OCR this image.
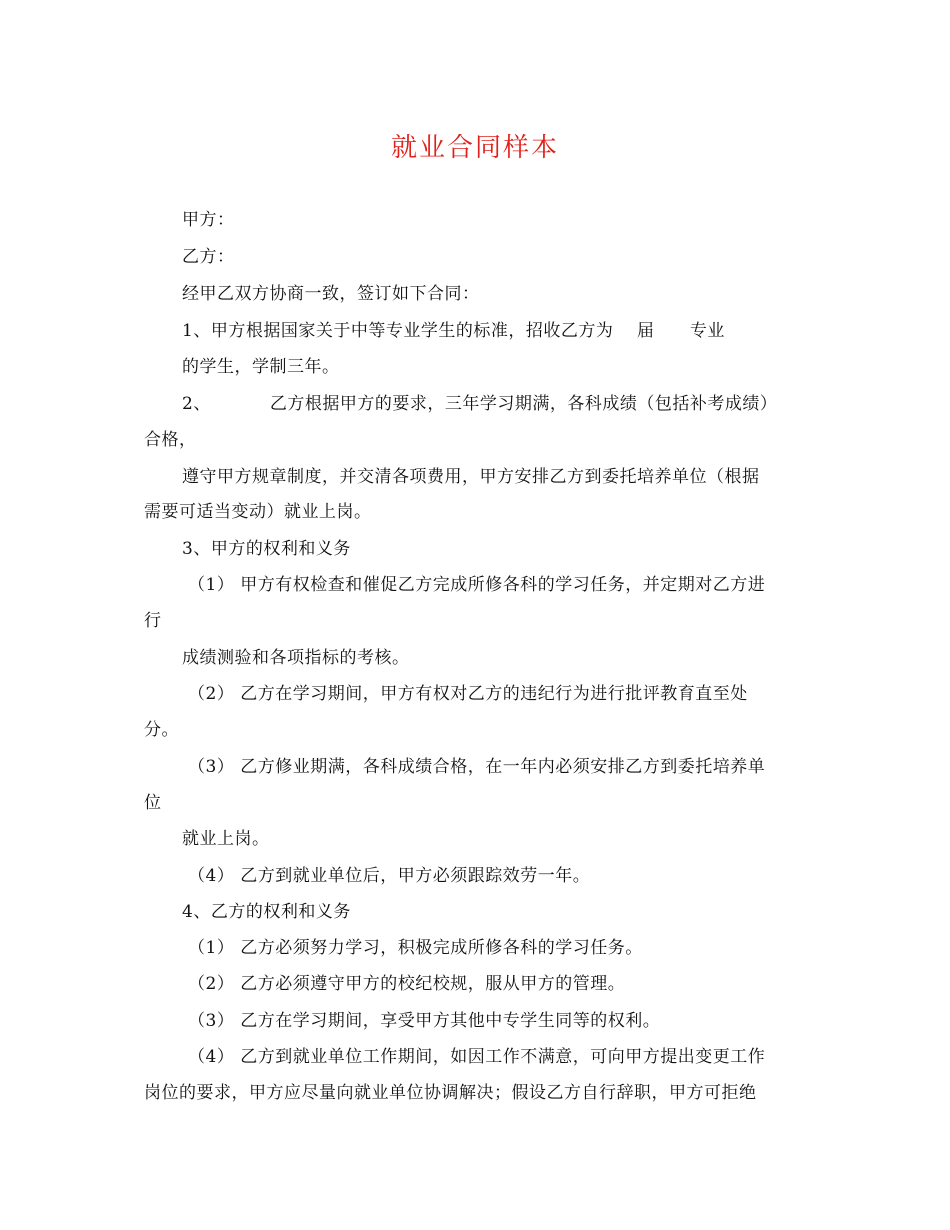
就业合同样本
甲方：
乙方：
经甲乙双方协商一致，签订如下合同：
1、甲方根据国家关于中等专业学生的标准，招收乙方为    届      专业
的学生，学制三年。
2、          乙方根据甲方的要求，三年学习期满，各科成绩（包括补考成绩）
合格，
遵守甲方规章制度，并交清各项费用，甲方安排乙方到委托培养单位（根据
需要可适当变动）就业上岗。
3、甲方的权利和义务
（1） 甲方有权检查和催促乙方完成所修各科的学习任务，并定期对乙方进
行
成绩测验和各项指标的考核。
（2） 乙方在学习期间，甲方有权对乙方的违纪行为进行批评教育直至处
分。
（3） 乙方修业期满，各科成绩合格，在一年内必须安排乙方到委托培养单
位
就业上岗。
（4） 乙方到就业单位后，甲方必须跟踪效劳一年。
4、乙方的权利和义务
（1） 乙方必须努力学习，积极完成所修各科的学习任务。
（2） 乙方必须遵守甲方的校纪校规，服从甲方的管理。
（3） 乙方在学习期间，享受甲方其他中专学生同等的权利。
（4） 乙方到就业单位工作期间，如因工作不满意，可向甲方提出变更工作
岗位的要求，甲方应尽量向就业单位协调解决；假设乙方自行辞职，甲方可拒绝
